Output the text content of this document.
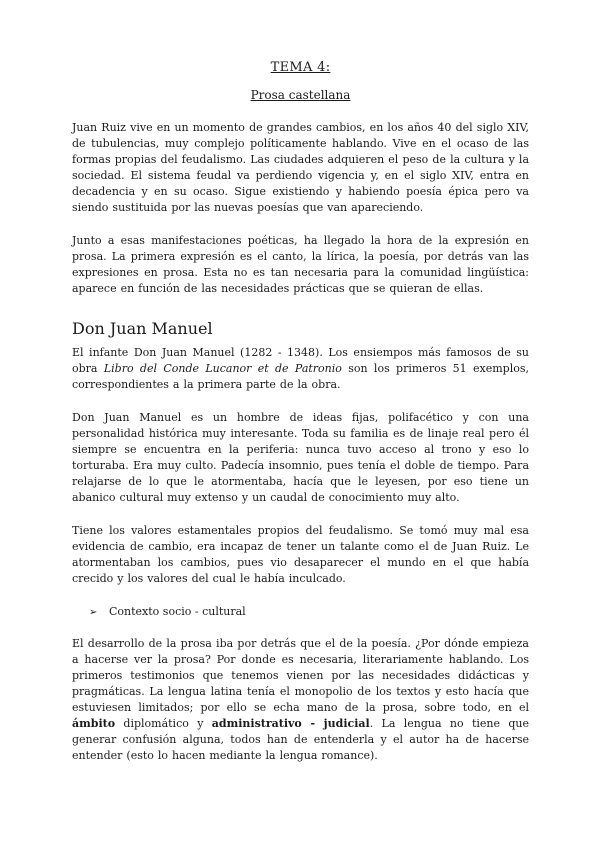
TEMA 4:
Prosa castellana

Juan Ruiz vive en un momento de grandes cambios, en los años 40 del siglo XIV, de tubulencias, muy complejo políticamente hablando. Vive en el ocaso de las formas propias del feudalismo. Las ciudades adquieren el peso de la cultura y la sociedad. El sistema feudal va perdiendo vigencia y, en el siglo XIV, entra en decadencia y en su ocaso. Sigue existiendo y habiendo poesía épica pero va siendo sustituida por las nuevas poesías que van apareciendo.

Junto a esas manifestaciones poéticas, ha llegado la hora de la expresión en prosa. La primera expresión es el canto, la lírica, la poesía, por detrás van las expresiones en prosa. Esta no es tan necesaria para la comunidad lingüística: aparece en función de las necesidades prácticas que se quieran de ellas.

Don Juan Manuel

El infante Don Juan Manuel (1282 - 1348). Los ensiempos más famosos de su obra Libro del Conde Lucanor et de Patronio son los primeros 51 exemplos, correspondientes a la primera parte de la obra.

Don Juan Manuel es un hombre de ideas fijas, polifacético y con una personalidad histórica muy interesante. Toda su familia es de linaje real pero él siempre se encuentra en la periferia: nunca tuvo acceso al trono y eso lo torturaba. Era muy culto. Padecía insomnio, pues tenía el doble de tiempo. Para relajarse de lo que le atormentaba, hacía que le leyesen, por eso tiene un abanico cultural muy extenso y un caudal de conocimiento muy alto.

Tiene los valores estamentales propios del feudalismo. Se tomó muy mal esa evidencia de cambio, era incapaz de tener un talante como el de Juan Ruiz. Le atormentaban los cambios, pues vio desaparecer el mundo en el que había crecido y los valores del cual le había inculcado.

➢	Contexto socio - cultural

El desarrollo de la prosa iba por detrás que el de la poesía. ¿Por dónde empieza a hacerse ver la prosa? Por donde es necesaria, literariamente hablando. Los primeros testimonios que tenemos vienen por las necesidades didácticas y pragmáticas. La lengua latina tenía el monopolio de los textos y esto hacía que estuviesen limitados; por ello se echa mano de la prosa, sobre todo, en el ámbito diplomático y administrativo - judicial. La lengua no tiene que generar confusión alguna, todos han de entenderla y el autor ha de hacerse entender (esto lo hacen mediante la lengua romance).
